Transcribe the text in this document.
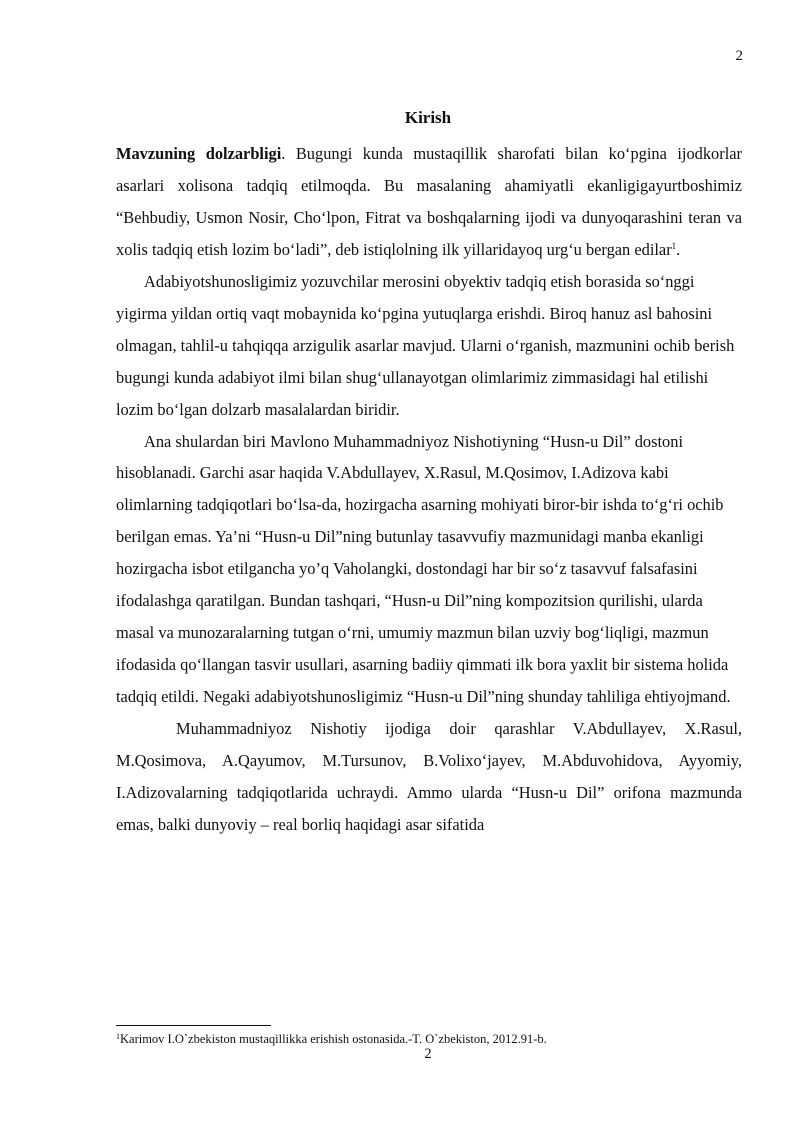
2
Kirish

Mavzuning dolzarbligi. Bugungi kunda mustaqillik sharofati bilan ko‘pgina ijodkorlar asarlari xolisona tadqiq etilmoqda. Bu masalaning ahamiyatli ekanligigayurtboshimiz “Behbudiy, Usmon Nosir, Cho‘lpon, Fitrat va boshqalarning ijodi va dunyoqarashini teran va xolis tadqiq etish lozim bo‘ladi”, deb istiqlolning ilk yillaridayoq urg‘u bergan edilar$^1$.

Adabiyotshunosligimiz yozuvchilar merosini obyektiv tadqiq etish borasida so‘nggi yigirma yildan ortiq vaqt mobaynida ko‘pgina yutuqlarga erishdi. Biroq hanuz asl bahosini olmagan, tahlil-u tahqiqqa arzigulik asarlar mavjud. Ularni o‘rganish, mazmunini ochib berish bugungi kunda adabiyot ilmi bilan shug‘ullanayotgan olimlarimiz zimmasidagi hal etilishi lozim bo‘lgan dolzarb masalalardan biridir.

Ana shulardan biri Mavlono Muhammadniyoz Nishotiyning “Husn-u Dil” dostoni hisoblanadi. Garchi asar haqida V.Abdullayev, X.Rasul, M.Qosimov, I.Adizova kabi olimlarning tadqiqotlari bo‘lsa-da, hozirgacha asarning mohiyati biror-bir ishda to‘g‘ri ochib berilgan emas. Ya’ni “Husn-u Dil”ning butunlay tasavvufiy mazmunidagi manba ekanligi hozirgacha isbot etilgancha yo’q Vaholangki, dostondagi har bir so‘z tasavvuf falsafasini ifodalashga qaratilgan. Bundan tashqari, “Husn-u Dil”ning kompozitsion qurilishi, ularda masal va munozaralarning tutgan o‘rni, umumiy mazmun bilan uzviy bog‘liqligi, mazmun ifodasida qo‘llangan tasvir usullari, asarning badiiy qimmati ilk bora yaxlit bir sistema holida tadqiq etildi. Negaki adabiyotshunosligimiz “Husn-u Dil”ning shunday tahliliga ehtiyojmand.

Muhammadniyoz Nishotiy ijodiga doir qarashlar V.Abdullayev, X.Rasul, M.Qosimova, A.Qayumov, M.Tursunov, B.Volixo‘jayev, M.Abduvohidova, Ayyomiy, I.Adizovalarning tadqiqotlarida uchraydi. Ammo ularda “Husn-u Dil” orifona mazmunda emas, balki dunyoviy – real borliq haqidagi asar sifatida

$^1$Karimov I.O`zbekiston mustaqillikka erishish ostonasida.-T. O`zbekiston, 2012.91-b.
2
